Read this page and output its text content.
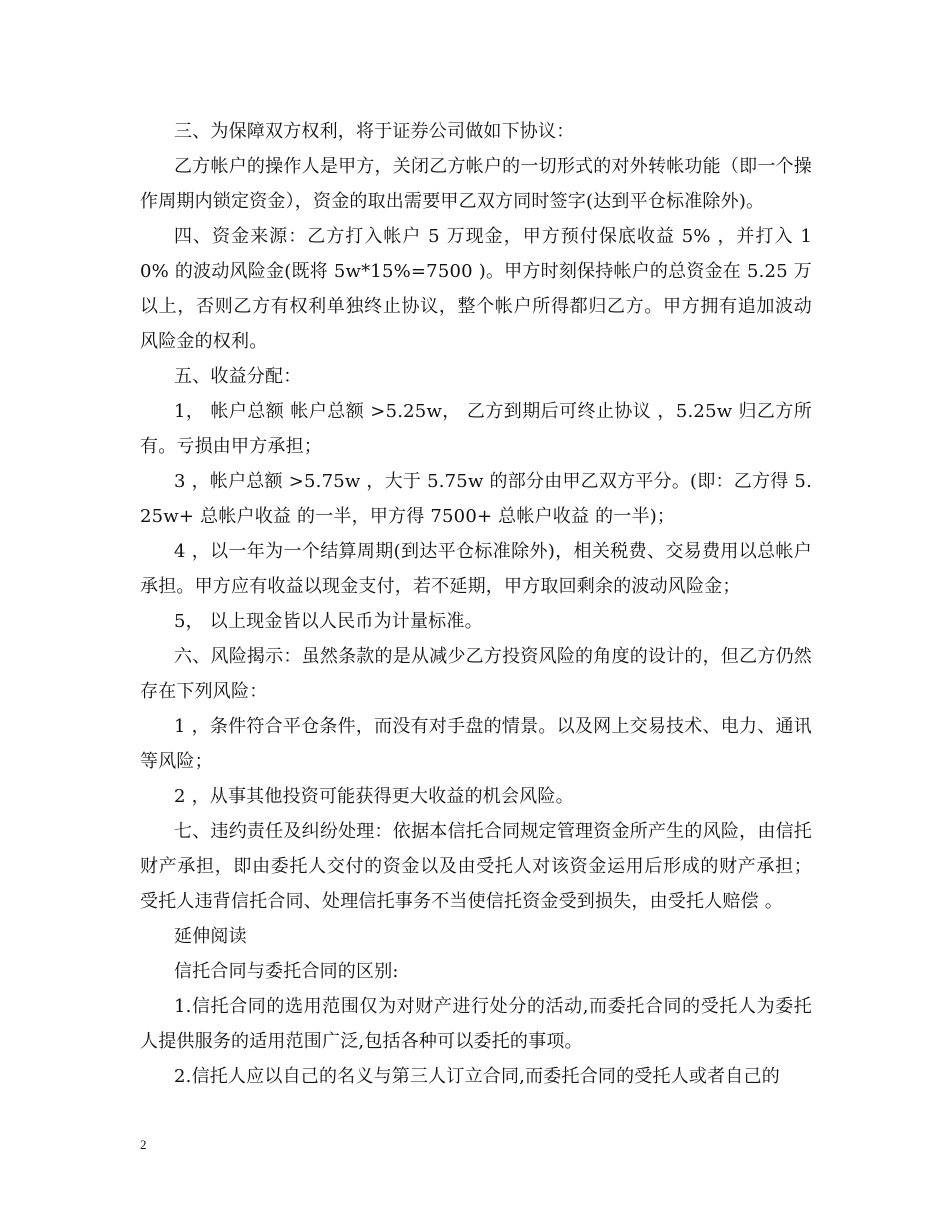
三、为保障双方权利，将于证券公司做如下协议：

乙方帐户的操作人是甲方，关闭乙方帐户的一切形式的对外转帐功能（即一个操作周期内锁定资金），资金的取出需要甲乙双方同时签字(达到平仓标准除外)。

四、资金来源：乙方打入帐户 5 万现金，甲方预付保底收益 5% ，并打入 10% 的波动风险金(既将 5w*15%=7500 )。甲方时刻保持帐户的总资金在 5.25 万以上，否则乙方有权利单独终止协议，整个帐户所得都归乙方。甲方拥有追加波动风险金的权利。

五、收益分配：

1， 帐户总额 帐户总额 >5.25w， 乙方到期后可终止协议 ，5.25w 归乙方所有。亏损由甲方承担；

3 ，帐户总额 >5.75w ，大于 5.75w 的部分由甲乙双方平分。(即：乙方得 5.25w+ 总帐户收益 的一半，甲方得 7500+ 总帐户收益 的一半)；

4 ，以一年为一个结算周期(到达平仓标准除外)，相关税费、交易费用以总帐户承担。甲方应有收益以现金支付，若不延期，甲方取回剩余的波动风险金；

5， 以上现金皆以人民币为计量标准。

六、风险揭示：虽然条款的是从减少乙方投资风险的角度的设计的，但乙方仍然存在下列风险：

1 ，条件符合平仓条件，而没有对手盘的情景。以及网上交易技术、电力、通讯等风险；

2 ，从事其他投资可能获得更大收益的机会风险。

七、违约责任及纠纷处理：依据本信托合同规定管理资金所产生的风险，由信托财产承担，即由委托人交付的资金以及由受托人对该资金运用后形成的财产承担；受托人违背信托合同、处理信托事务不当使信托资金受到损失，由受托人赔偿 。

延伸阅读

信托合同与委托合同的区别:

1.信托合同的选用范围仅为对财产进行处分的活动,而委托合同的受托人为委托人提供服务的适用范围广泛,包括各种可以委托的事项。

2.信托人应以自己的名义与第三人订立合同,而委托合同的受托人或者自己的

2
